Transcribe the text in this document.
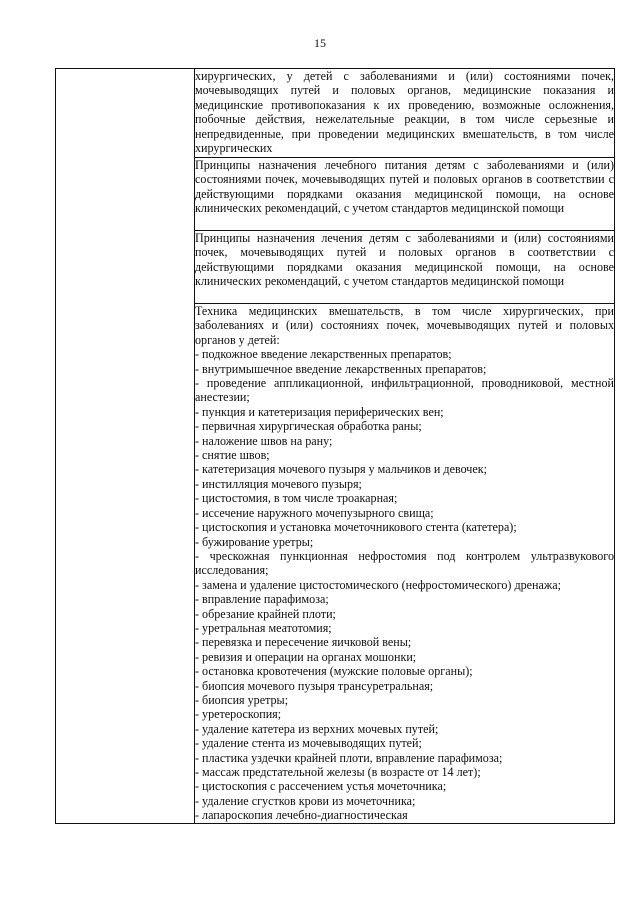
15

хирургических, у детей с заболеваниями и (или) состояниями почек, мочевыводящих путей и половых органов, медицинские показания и медицинские противопоказания к их проведению, возможные осложнения, побочные действия, нежелательные реакции, в том числе серьезные и непредвиденные, при проведении медицинских вмешательств, в том числе хирургических

Принципы назначения лечебного питания детям с заболеваниями и (или) состояниями почек, мочевыводящих путей и половых органов в соответствии с действующими порядками оказания медицинской помощи, на основе клинических рекомендаций, с учетом стандартов медицинской помощи

Принципы назначения лечения детям с заболеваниями и (или) состояниями почек, мочевыводящих путей и половых органов в соответствии с действующими порядками оказания медицинской помощи, на основе клинических рекомендаций, с учетом стандартов медицинской помощи

Техника медицинских вмешательств, в том числе хирургических, при заболеваниях и (или) состояниях почек, мочевыводящих путей и половых органов у детей:

- подкожное введение лекарственных препаратов;
- внутримышечное введение лекарственных препаратов;
- проведение аппликационной, инфильтрационной, проводниковой, местной анестезии;
- пункция и катетеризация периферических вен;
- первичная хирургическая обработка раны;
- наложение швов на рану;
- снятие швов;
- катетеризация мочевого пузыря у мальчиков и девочек;
- инстилляция мочевого пузыря;
- цистостомия, в том числе троакарная;
- иссечение наружного мочепузырного свища;
- цистоскопия и установка мочеточникового стента (катетера);
- бужирование уретры;
- чрескожная пункционная нефростомия под контролем ультразвукового исследования;
- замена и удаление цистостомического (нефростомического) дренажа;
- вправление парафимоза;
- обрезание крайней плоти;
- уретральная меатотомия;
- перевязка и пересечение яичковой вены;
- ревизия и операции на органах мошонки;
- остановка кровотечения (мужские половые органы);
- биопсия мочевого пузыря трансуретральная;
- биопсия уретры;
- уретероскопия;
- удаление катетера из верхних мочевых путей;
- удаление стента из мочевыводящих путей;
- пластика уздечки крайней плоти, вправление парафимоза;
- массаж предстательной железы (в возрасте от 14 лет);
- цистоскопия с рассечением устья мочеточника;
- удаление сгустков крови из мочеточника;
- лапароскопия лечебно-диагностическая
